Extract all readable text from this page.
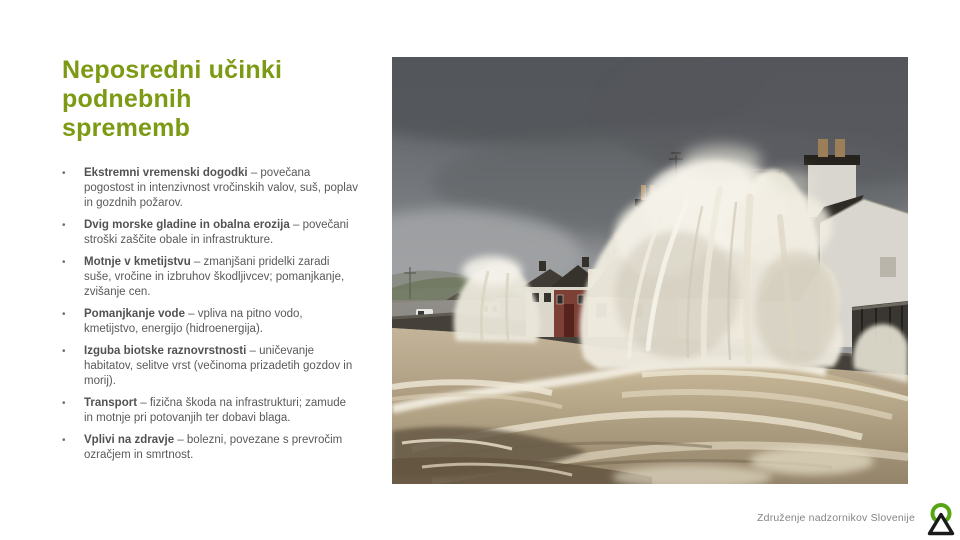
Neposredni učinki
podnebnih
sprememb
•	Ekstremni vremenski dogodki – povečana pogostost in intenzivnost vročinskih valov, suš, poplav in gozdnih požarov.
•	Dvig morske gladine in obalna erozija – povečani stroški zaščite obale in infrastrukture.
•	Motnje v kmetijstvu – zmanjšani pridelki zaradi suše, vročine in izbruhov škodljivcev; pomanjkanje, zvišanje cen.
•	Pomanjkanje vode – vpliva na pitno vodo, kmetijstvo, energijo (hidroenergija).
•	Izguba biotske raznovrstnosti – uničevanje habitatov, selitve vrst (večinoma prizadetih gozdov in morij).
•	Transport – fizična škoda na infrastrukturi; zamude in motnje pri potovanjih ter dobavi blaga.
•	Vplivi na zdravje – bolezni, povezane s prevročim ozračjem in smrtnost.
Združenje nadzornikov Slovenije
